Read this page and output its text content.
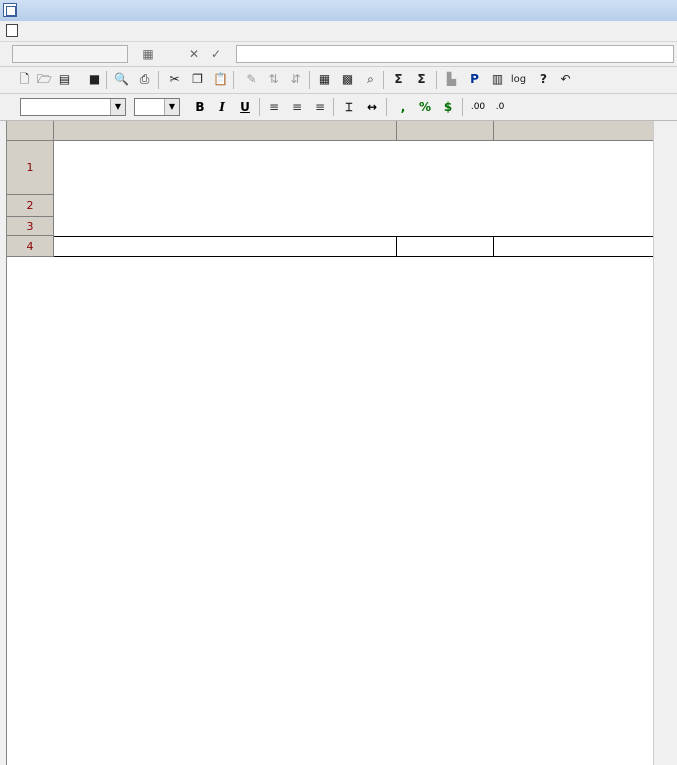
▦	✕ ✓
🗋 🗁 ▤ ■ 🔍 ⎙	✂ ❐ 📋 ✎ ⇅ ⇵ ▦ ▩	⌕	Σ	Σ	▙	P	▥ log	?	↶
▼	▼	B	I	U	≡	≡	≡	⌶	↔	,	%	$	.00	.0
1
2
3
4
